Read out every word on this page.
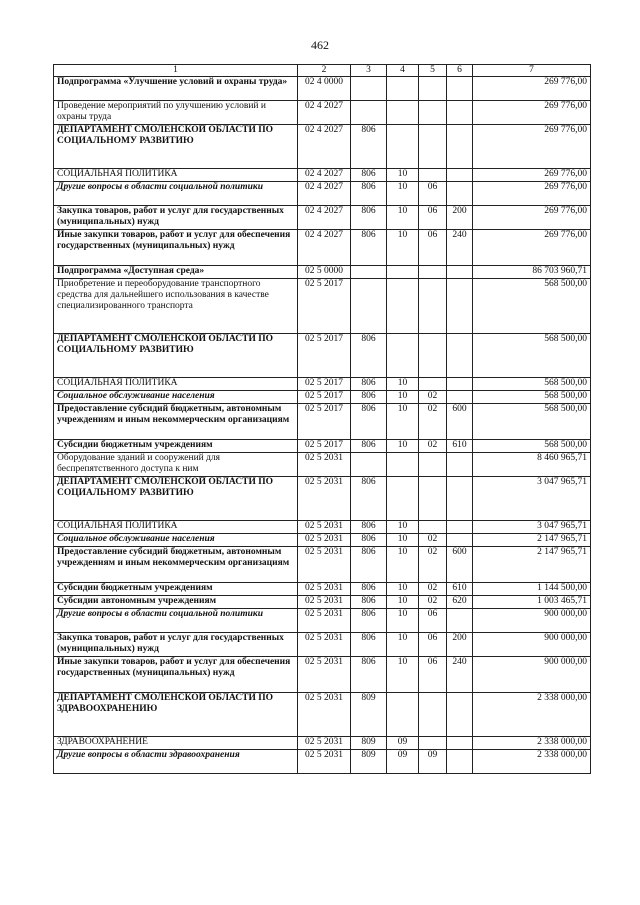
462
1	2	3	4	5	6	7
Подпрограмма «Улучшение условий и охраны труда»	02 4 0000					269 776,00
Проведение мероприятий по улучшению условий и охраны труда	02 4 2027					269 776,00
ДЕПАРТАМЕНТ СМОЛЕНСКОЙ ОБЛАСТИ ПО СОЦИАЛЬНОМУ РАЗВИТИЮ	02 4 2027	806				269 776,00
СОЦИАЛЬНАЯ ПОЛИТИКА	02 4 2027	806	10			269 776,00
Другие вопросы в области социальной политики	02 4 2027	806	10	06		269 776,00
Закупка товаров, работ и услуг для государственных (муниципальных) нужд	02 4 2027	806	10	06	200	269 776,00
Иные закупки товаров, работ и услуг для обеспечения государственных (муниципальных) нужд	02 4 2027	806	10	06	240	269 776,00
Подпрограмма «Доступная среда»	02 5 0000					86 703 960,71
Приобретение и переоборудование транспортного средства для дальнейшего использования в качестве специализированного транспорта	02 5 2017					568 500,00
ДЕПАРТАМЕНТ СМОЛЕНСКОЙ ОБЛАСТИ ПО СОЦИАЛЬНОМУ РАЗВИТИЮ	02 5 2017	806				568 500,00
СОЦИАЛЬНАЯ ПОЛИТИКА	02 5 2017	806	10			568 500,00
Социальное обслуживание населения	02 5 2017	806	10	02		568 500,00
Предоставление субсидий бюджетным, автономным учреждениям и иным некоммерческим организациям	02 5 2017	806	10	02	600	568 500,00
Субсидии бюджетным учреждениям	02 5 2017	806	10	02	610	568 500,00
Оборудование зданий и сооружений для беспрепятственного доступа к ним	02 5 2031					8 460 965,71
ДЕПАРТАМЕНТ СМОЛЕНСКОЙ ОБЛАСТИ ПО СОЦИАЛЬНОМУ РАЗВИТИЮ	02 5 2031	806				3 047 965,71
СОЦИАЛЬНАЯ ПОЛИТИКА	02 5 2031	806	10			3 047 965,71
Социальное обслуживание населения	02 5 2031	806	10	02		2 147 965,71
Предоставление субсидий бюджетным, автономным учреждениям и иным некоммерческим организациям	02 5 2031	806	10	02	600	2 147 965,71
Субсидии бюджетным учреждениям	02 5 2031	806	10	02	610	1 144 500,00
Субсидии автономным учреждениям	02 5 2031	806	10	02	620	1 003 465,71
Другие вопросы в области социальной политики	02 5 2031	806	10	06		900 000,00
Закупка товаров, работ и услуг для государственных (муниципальных) нужд	02 5 2031	806	10	06	200	900 000,00
Иные закупки товаров, работ и услуг для обеспечения государственных (муниципальных) нужд	02 5 2031	806	10	06	240	900 000,00
ДЕПАРТАМЕНТ СМОЛЕНСКОЙ ОБЛАСТИ ПО ЗДРАВООХРАНЕНИЮ	02 5 2031	809				2 338 000,00
ЗДРАВООХРАНЕНИЕ	02 5 2031	809	09			2 338 000,00
Другие вопросы в области здравоохранения	02 5 2031	809	09	09		2 338 000,00
